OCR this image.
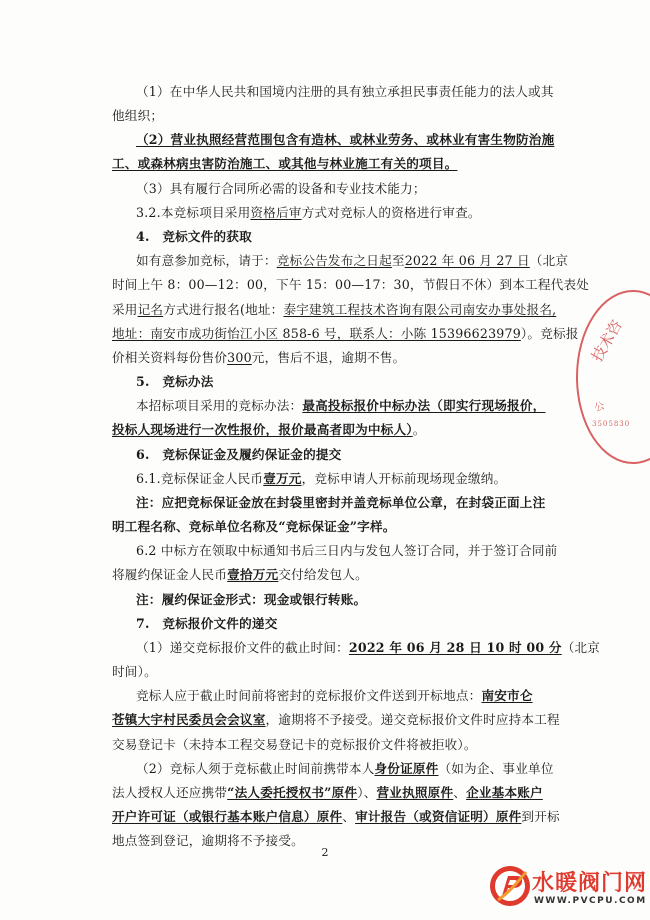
（1）在中华人民共和国境内注册的具有独立承担民事责任能力的法人或其
他组织；
（2）营业执照经营范围包含有造林、或林业劳务、或林业有害生物防治施
工、或森林病虫害防治施工、或其他与林业施工有关的项目。
（3）具有履行合同所必需的设备和专业技术能力；
3.2.本竞标项目采用资格后审方式对竞标人的资格进行审查。
4.　竞标文件的获取
如有意参加竞标，请于：竞标公告发布之日起至2022 年 06 月 27 日（北京
时间上午 8：00—12：00，下午 15：00—17：30，节假日不休）到本工程代表处
采用记名方式进行报名(地址：泰宇建筑工程技术咨询有限公司南安办事处报名,
地址：南安市成功街怡江小区 858-6 号，联系人：小陈 15396623979）。竞标报
价相关资料每份售价300元，售后不退，逾期不售。
5.　竞标办法
本招标项目采用的竞标办法：最高投标报价中标办法（即实行现场报价，
投标人现场进行一次性报价，报价最高者即为中标人）。
6.　竞标保证金及履约保证金的提交
6.1.竞标保证金人民币壹万元，竞标申请人开标前现场现金缴纳。
注：应把竞标保证金放在封袋里密封并盖竞标单位公章，在封袋正面上注
明工程名称、竞标单位名称及“竞标保证金”字样。
6.2 中标方在领取中标通知书后三日内与发包人签订合同，并于签订合同前
将履约保证金人民币壹拾万元交付给发包人。
注：履约保证金形式：现金或银行转账。
7.　竞标报价文件的递交
（1）递交竞标报价文件的截止时间：2022 年 06 月 28 日 10 时 00 分（北京
时间）。
竞标人应于截止时间前将密封的竞标报价文件送到开标地点：南安市仑
苍镇大宇村民委员会会议室，逾期将不予接受。递交竞标报价文件时应持本工程
交易登记卡（未持本工程交易登记卡的竞标报价文件将被拒收）。
（2）竞标人须于竞标截止时间前携带本人身份证原件（如为企、事业单位
法人授权人还应携带“法人委托授权书”原件）、营业执照原件、企业基本账户
开户许可证（或银行基本账户信息）原件、审计报告（或资信证明）原件到开标
地点签到登记，逾期将不予接受。
2
技术咨
公
3505830
水暖阀门网
WWW.PVCPU.COM
